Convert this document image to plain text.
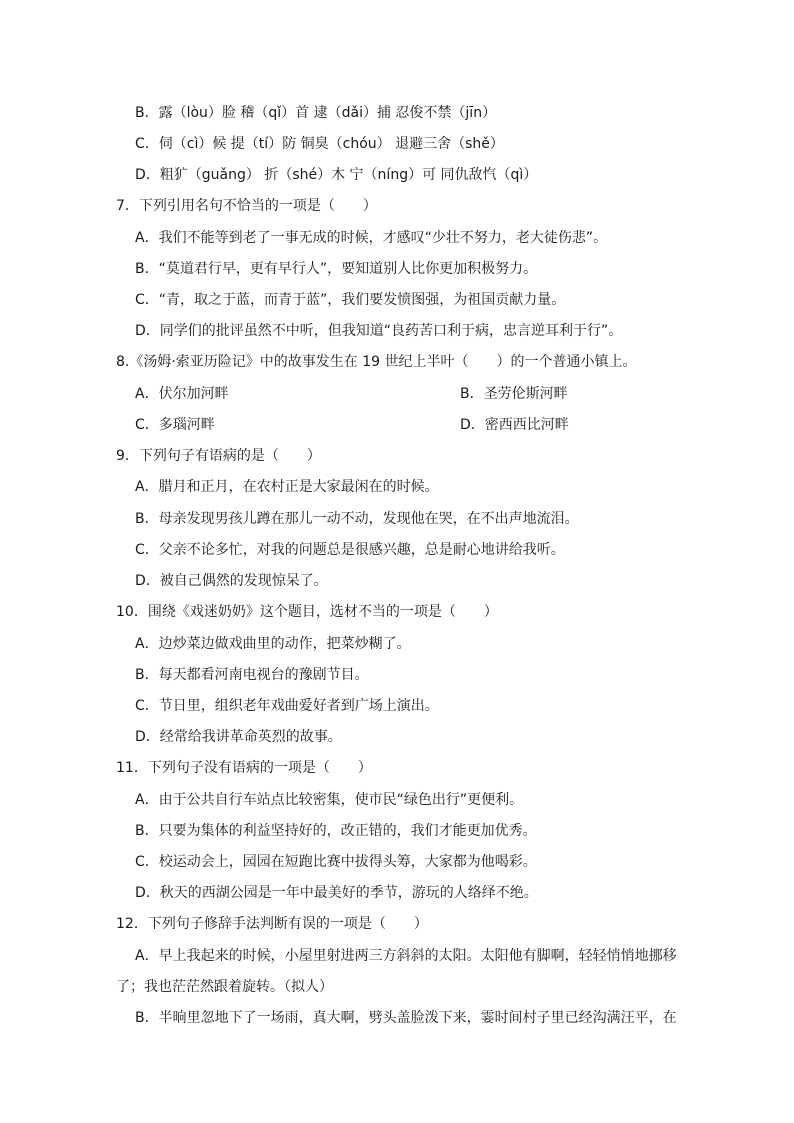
B．露（lòu）脸 稽（qǐ）首 逮（dǎi）捕 忍俊不禁（jīn）
C．伺（cì）候 提（tí）防 铜臭（chóu） 退避三舍（shě）
D．粗犷（guǎng） 折（shé）木 宁（níng）可 同仇敌忾（qì）
7．下列引用名句不恰当的一项是（　　）
A．我们不能等到老了一事无成的时候，才感叹“少壮不努力，老大徒伤悲”。
B．“莫道君行早，更有早行人”，要知道别人比你更加积极努力。
C．“青，取之于蓝，而青于蓝”，我们要发愤图强，为祖国贡献力量。
D．同学们的批评虽然不中听，但我知道“良药苦口利于病，忠言逆耳利于行”。
8.《汤姆·索亚历险记》中的故事发生在 19 世纪上半叶（　　）的一个普通小镇上。
A．伏尔加河畔	B．圣劳伦斯河畔
C．多瑙河畔	D．密西西比河畔
9．下列句子有语病的是（　　）
A．腊月和正月，在农村正是大家最闲在的时候。
B．母亲发现男孩儿蹲在那儿一动不动，发现他在哭，在不出声地流泪。
C．父亲不论多忙，对我的问题总是很感兴趣，总是耐心地讲给我听。
D．被自己偶然的发现惊呆了。
10．围绕《戏迷奶奶》这个题目，选材不当的一项是（　　）
A．边炒菜边做戏曲里的动作，把菜炒糊了。
B．每天都看河南电视台的豫剧节目。
C．节日里，组织老年戏曲爱好者到广场上演出。
D．经常给我讲革命英烈的故事。
11．下列句子没有语病的一项是（　　）
A．由于公共自行车站点比较密集，使市民“绿色出行”更便利。
B．只要为集体的利益坚持好的，改正错的，我们才能更加优秀。
C．校运动会上，园园在短跑比赛中拔得头筹，大家都为他喝彩。
D．秋天的西湖公园是一年中最美好的季节，游玩的人络绎不绝。
12．下列句子修辞手法判断有误的一项是（　　）
A．早上我起来的时候，小屋里射进两三方斜斜的太阳。太阳他有脚啊，轻轻悄悄地挪移
了；我也茫茫然跟着旋转。（拟人）
B．半晌里忽地下了一场雨，真大啊，劈头盖脸泼下来，霎时间村子里已经沟满汪平，在
